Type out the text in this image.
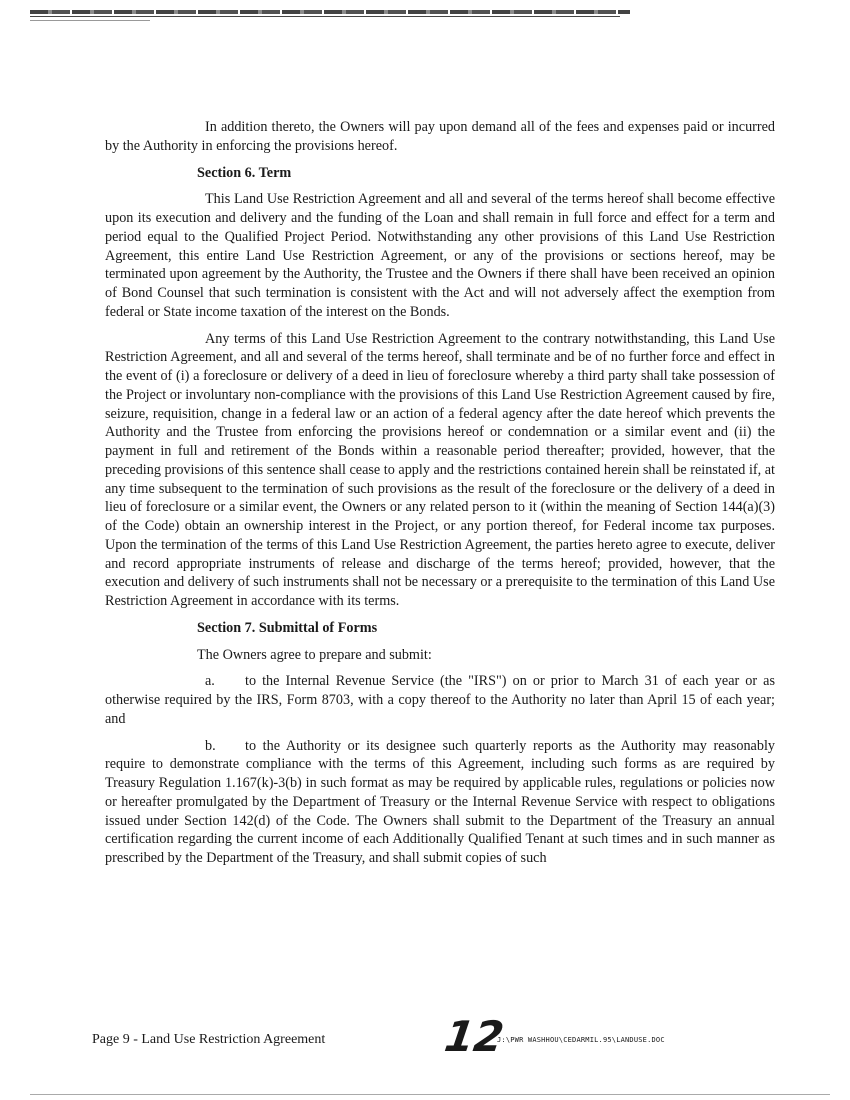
In addition thereto, the Owners will pay upon demand all of the fees and expenses paid or incurred by the Authority in enforcing the provisions hereof.

Section 6. Term

This Land Use Restriction Agreement and all and several of the terms hereof shall become effective upon its execution and delivery and the funding of the Loan and shall remain in full force and effect for a term and period equal to the Qualified Project Period. Notwithstanding any other provisions of this Land Use Restriction Agreement, this entire Land Use Restriction Agreement, or any of the provisions or sections hereof, may be terminated upon agreement by the Authority, the Trustee and the Owners if there shall have been received an opinion of Bond Counsel that such termination is consistent with the Act and will not adversely affect the exemption from federal or State income taxation of the interest on the Bonds.

Any terms of this Land Use Restriction Agreement to the contrary notwithstanding, this Land Use Restriction Agreement, and all and several of the terms hereof, shall terminate and be of no further force and effect in the event of (i) a foreclosure or delivery of a deed in lieu of foreclosure whereby a third party shall take possession of the Project or involuntary non-compliance with the provisions of this Land Use Restriction Agreement caused by fire, seizure, requisition, change in a federal law or an action of a federal agency after the date hereof which prevents the Authority and the Trustee from enforcing the provisions hereof or condemnation or a similar event and (ii) the payment in full and retirement of the Bonds within a reasonable period thereafter; provided, however, that the preceding provisions of this sentence shall cease to apply and the restrictions contained herein shall be reinstated if, at any time subsequent to the termination of such provisions as the result of the foreclosure or the delivery of a deed in lieu of foreclosure or a similar event, the Owners or any related person to it (within the meaning of Section 144(a)(3) of the Code) obtain an ownership interest in the Project, or any portion thereof, for Federal income tax purposes. Upon the termination of the terms of this Land Use Restriction Agreement, the parties hereto agree to execute, deliver and record appropriate instruments of release and discharge of the terms hereof; provided, however, that the execution and delivery of such instruments shall not be necessary or a prerequisite to the termination of this Land Use Restriction Agreement in accordance with its terms.

Section 7. Submittal of Forms

The Owners agree to prepare and submit:

a. to the Internal Revenue Service (the "IRS") on or prior to March 31 of each year or as otherwise required by the IRS, Form 8703, with a copy thereof to the Authority no later than April 15 of each year; and

b. to the Authority or its designee such quarterly reports as the Authority may reasonably require to demonstrate compliance with the terms of this Agreement, including such forms as are required by Treasury Regulation 1.167(k)-3(b) in such format as may be required by applicable rules, regulations or policies now or hereafter promulgated by the Department of Treasury or the Internal Revenue Service with respect to obligations issued under Section 142(d) of the Code. The Owners shall submit to the Department of the Treasury an annual certification regarding the current income of each Additionally Qualified Tenant at such times and in such manner as prescribed by the Department of the Treasury, and shall submit copies of such

Page 9 - Land Use Restriction Agreement	12
J:\PWR WASHHOU\CEDARMIL.95\LANDUSE.DOC
